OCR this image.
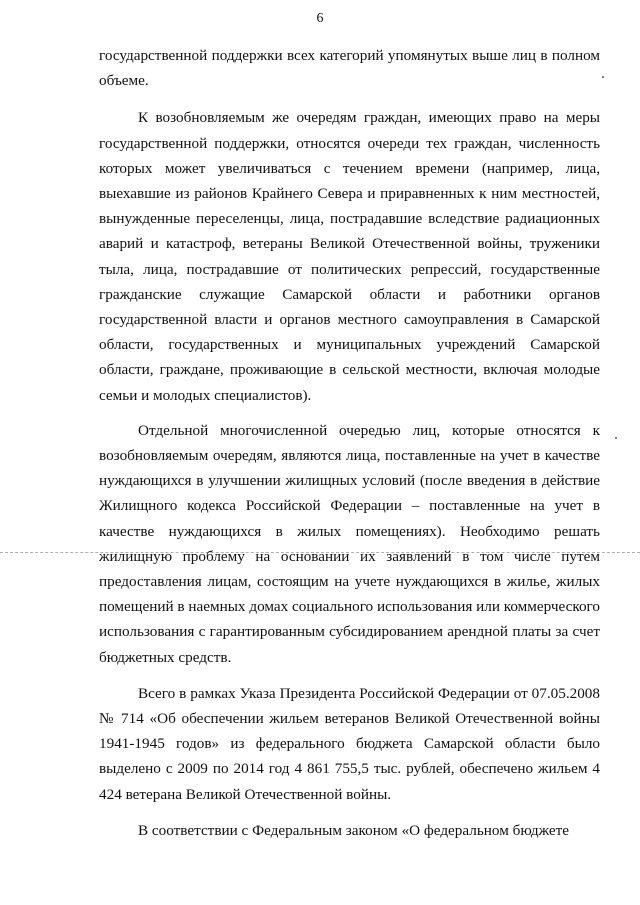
6

государственной поддержки всех категорий упомянутых выше лиц в полном объеме.

К возобновляемым же очередям граждан, имеющих право на меры государственной поддержки, относятся очереди тех граждан, численность которых может увеличиваться с течением времени (например, лица, выехавшие из районов Крайнего Севера и приравненных к ним местностей, вынужденные переселенцы, лица, пострадавшие вследствие радиационных аварий и катастроф, ветераны Великой Отечественной войны, труженики тыла, лица, пострадавшие от политических репрессий, государственные гражданские служащие Самарской области и работники органов государственной власти и органов местного самоуправления в Самарской области, государственных и муниципальных учреждений Самарской области, граждане, проживающие в сельской местности, включая молодые семьи и молодых специалистов).

Отдельной многочисленной очередью лиц, которые относятся к возобновляемым очередям, являются лица, поставленные на учет в качестве нуждающихся в улучшении жилищных условий (после введения в действие Жилищного кодекса Российской Федерации – поставленные на учет в качестве нуждающихся в жилых помещениях). Необходимо решать жилищную проблему на основании их заявлений в том числе путем предоставления лицам, состоящим на учете нуждающихся в жилье, жилых помещений в наемных домах социального использования или коммерческого использования с гарантированным субсидированием арендной платы за счет бюджетных средств.

Всего в рамках Указа Президента Российской Федерации от 07.05.2008 № 714 «Об обеспечении жильем ветеранов Великой Отечественной войны 1941-1945 годов» из федерального бюджета Самарской области было выделено с 2009 по 2014 год 4 861 755,5 тыс. рублей, обеспечено жильем 4 424 ветерана Великой Отечественной войны.

В соответствии с Федеральным законом «О федеральном бюджете
